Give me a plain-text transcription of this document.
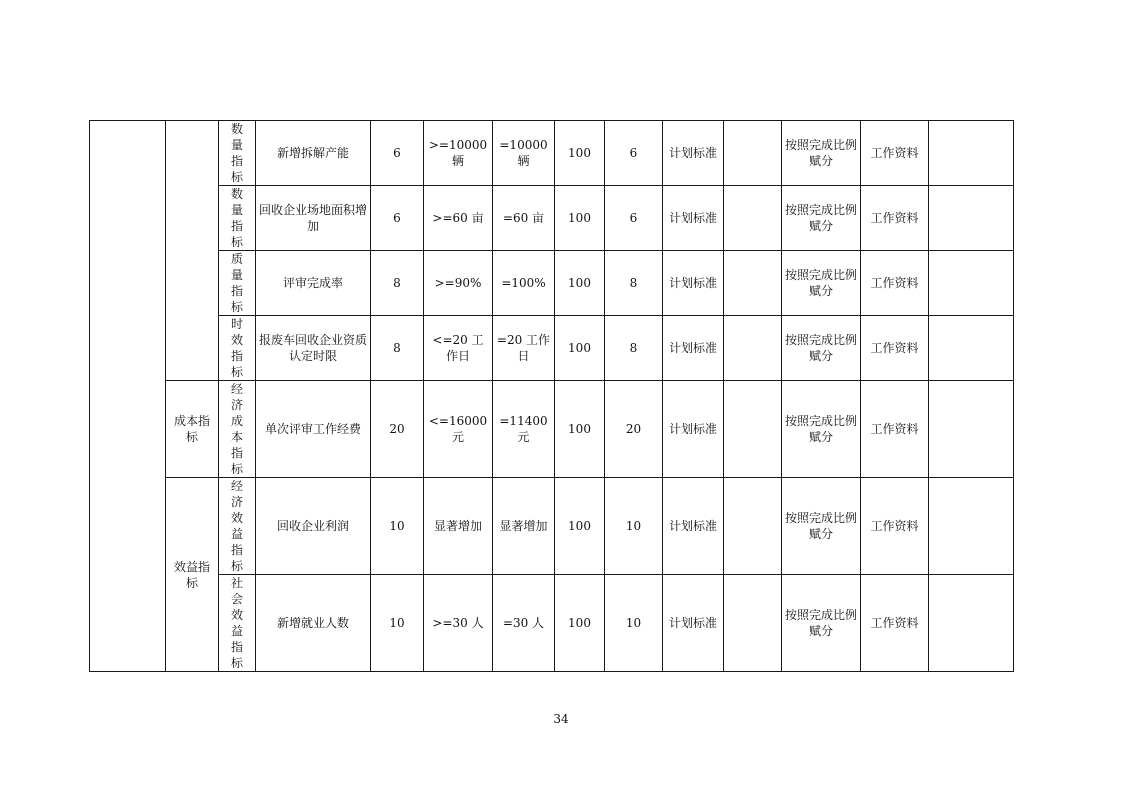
		数量指标	新增拆解产能	6	>=10000辆	=10000辆	100	6	计划标准		按照完成比例赋分	工作资料	

		数量指标	回收企业场地面积增加	6	>=60 亩	=60 亩	100	6	计划标准		按照完成比例赋分	工作资料	

		质量指标	评审完成率	8	>=90%	=100%	100	8	计划标准		按照完成比例赋分	工作资料	

		时效指标	报废车回收企业资质认定时限	8	<=20 工作日	=20 工作日	100	8	计划标准		按照完成比例赋分	工作资料	
	成本指标	经济成本指标	单次评审工作经费	20	<=16000 元	=11400元	100	20	计划标准		按照完成比例赋分	工作资料	
	效益指标	经济效益指标	回收企业利润	10	显著增加	显著增加	100	10	计划标准		按照完成比例赋分	工作资料	

		社会效益指标	新增就业人数	10	>=30 人	=30 人	100	10	计划标准		按照完成比例赋分	工作资料	
34
